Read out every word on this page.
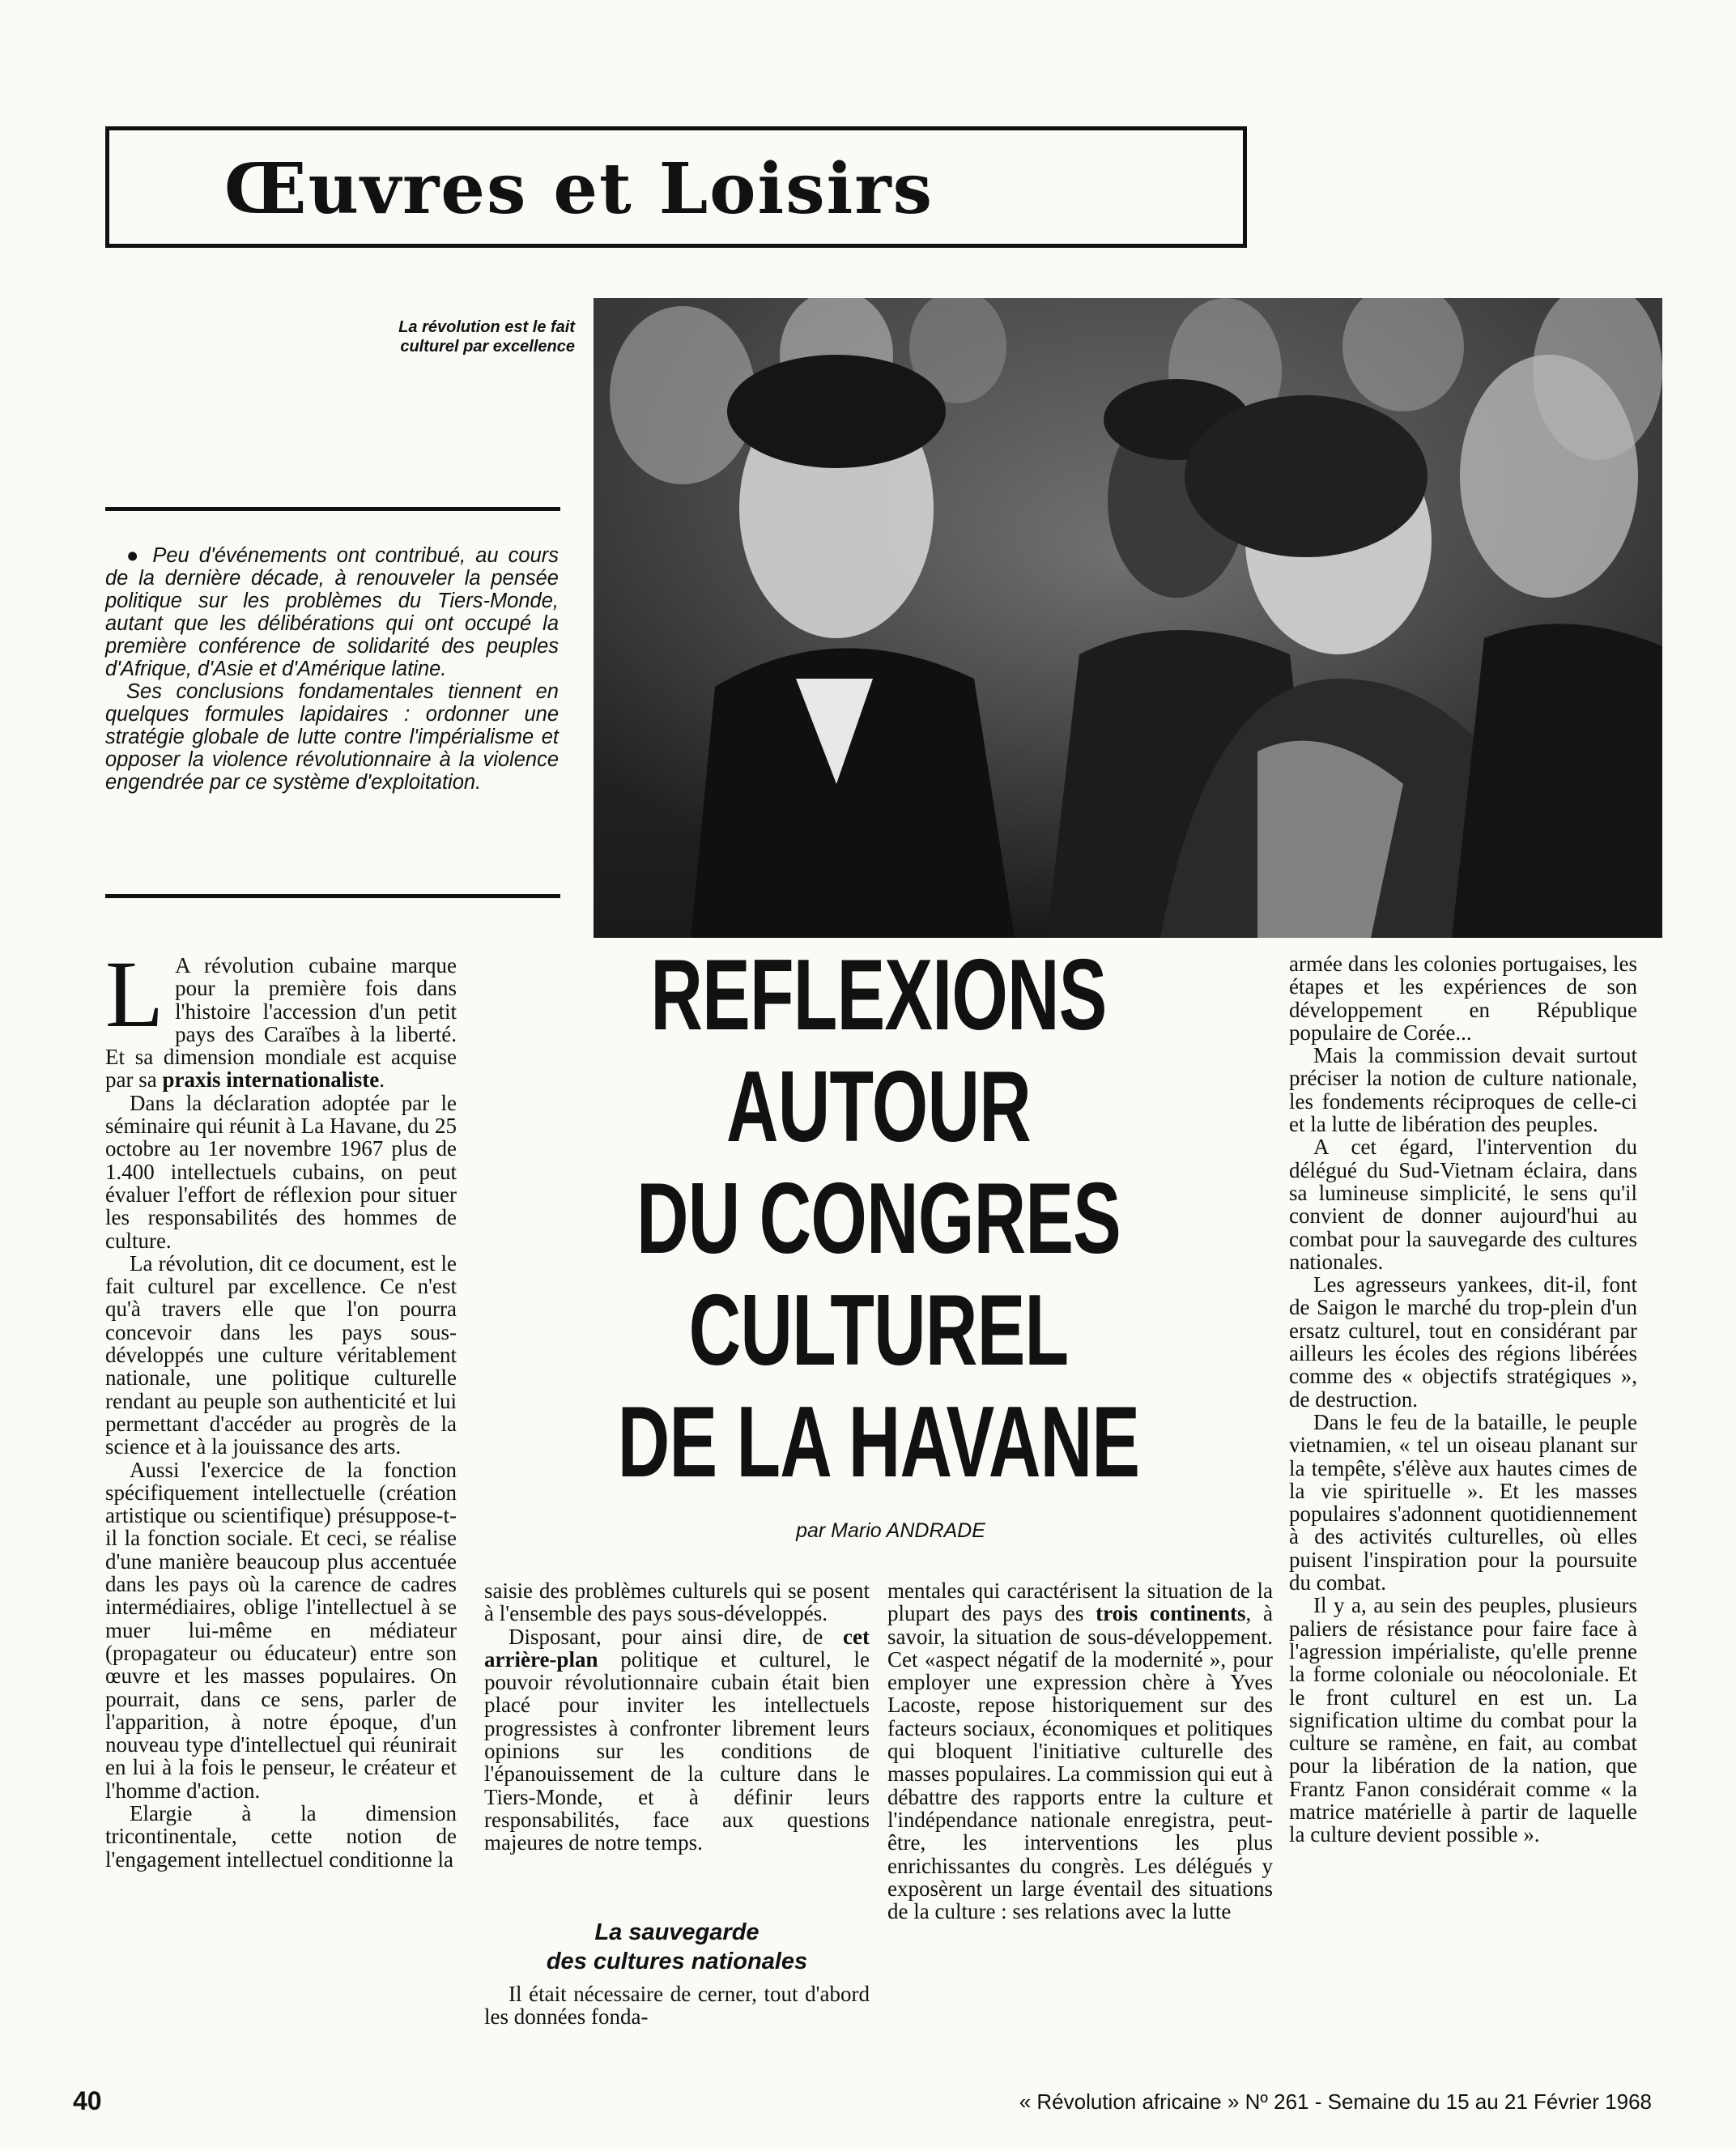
Œuvres et Loisirs
La révolution est le fait culturel par excellence

● Peu d'événements ont contribué, au cours de la dernière décade, à renouveler la pensée politique sur les problèmes du Tiers-Monde, autant que les délibérations qui ont occupé la première conférence de solidarité des peuples d'Afrique, d'Asie et d'Amérique latine.

Ses conclusions fondamentales tiennent en quelques formules lapidaires : ordonner une stratégie globale de lutte contre l'impérialisme et opposer la violence révolutionnaire à la violence engendrée par ce système d'exploitation.

REFLEXIONS
AUTOUR
DU CONGRES
CULTUREL
DE LA HAVANE
par Mario ANDRADE

L A révolution cubaine marque pour la première fois dans l'histoire l'accession d'un petit pays des Caraïbes à la liberté. Et sa dimension mondiale est acquise par sa praxis internationaliste.

Dans la déclaration adoptée par le séminaire qui réunit à La Havane, du 25 octobre au 1er novembre 1967 plus de 1.400 intellectuels cubains, on peut évaluer l'effort de réflexion pour situer les responsabilités des hommes de culture.

La révolution, dit ce document, est le fait culturel par excellence. Ce n'est qu'à travers elle que l'on pourra concevoir dans les pays sous-développés une culture véritablement nationale, une politique culturelle rendant au peuple son authenticité et lui permettant d'accéder au progrès de la science et à la jouissance des arts.

Aussi l'exercice de la fonction spécifiquement intellectuelle (création artistique ou scientifique) présuppose-t-il la fonction sociale. Et ceci, se réalise d'une manière beaucoup plus accentuée dans les pays où la carence de cadres intermédiaires, oblige l'intellectuel à se muer lui-même en médiateur (propagateur ou éducateur) entre son œuvre et les masses populaires. On pourrait, dans ce sens, parler de l'apparition, à notre époque, d'un nouveau type d'intellectuel qui réunirait en lui à la fois le penseur, le créateur et l'homme d'action.

Elargie à la dimension tricontinentale, cette notion de l'engagement intellectuel conditionne la

saisie des problèmes culturels qui se posent à l'ensemble des pays sous-développés.

Disposant, pour ainsi dire, de cet arrière-plan politique et culturel, le pouvoir révolutionnaire cubain était bien placé pour inviter les intellectuels progressistes à confronter librement leurs opinions sur les conditions de l'épanouissement de la culture dans le Tiers-Monde, et à définir leurs responsabilités, face aux questions majeures de notre temps.

La sauvegarde
des cultures nationales

Il était nécessaire de cerner, tout d'abord les données fonda-

mentales qui caractérisent la situation de la plupart des pays des trois continents, à savoir, la situation de sous-développement. Cet «aspect négatif de la modernité », pour employer une expression chère à Yves Lacoste, repose historiquement sur des facteurs sociaux, économiques et politiques qui bloquent l'initiative culturelle des masses populaires. La commission qui eut à débattre des rapports entre la culture et l'indépendance nationale enregistra, peut-être, les interventions les plus enrichissantes du congrès. Les délégués y exposèrent un large éventail des situations de la culture : ses relations avec la lutte

armée dans les colonies portugaises, les étapes et les expériences de son développement en République populaire de Corée...

Mais la commission devait surtout préciser la notion de culture nationale, les fondements réciproques de celle-ci et la lutte de libération des peuples.

A cet égard, l'intervention du délégué du Sud-Vietnam éclaira, dans sa lumineuse simplicité, le sens qu'il convient de donner aujourd'hui au combat pour la sauvegarde des cultures nationales.

Les agresseurs yankees, dit-il, font de Saigon le marché du trop-plein d'un ersatz culturel, tout en considérant par ailleurs les écoles des régions libérées comme des « objectifs stratégiques », de destruction.

Dans le feu de la bataille, le peuple vietnamien, « tel un oiseau planant sur la tempête, s'élève aux hautes cimes de la vie spirituelle ». Et les masses populaires s'adonnent quotidiennement à des activités culturelles, où elles puisent l'inspiration pour la poursuite du combat.

Il y a, au sein des peuples, plusieurs paliers de résistance pour faire face à l'agression impérialiste, qu'elle prenne la forme coloniale ou néocoloniale. Et le front culturel en est un. La signification ultime du combat pour la culture se ramène, en fait, au combat pour la libération de la nation, que Frantz Fanon considérait comme « la matrice matérielle à partir de laquelle la culture devient possible ».

40	« Révolution africaine » Nº 261 - Semaine du 15 au 21 Février 1968
